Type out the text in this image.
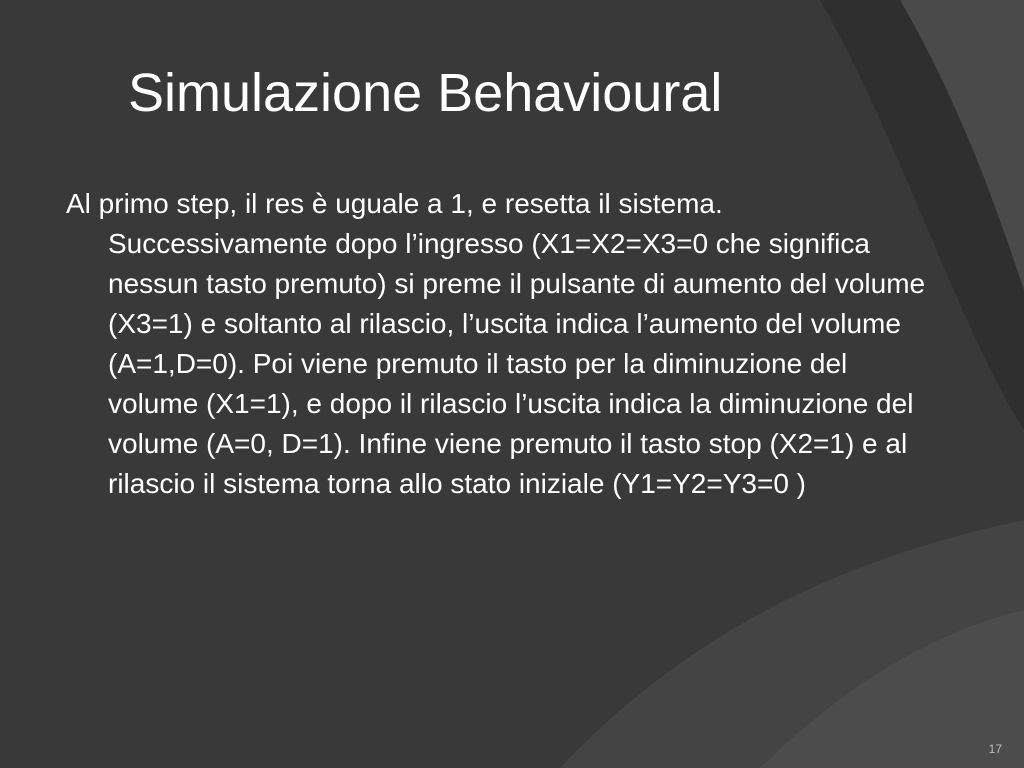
Simulazione Behavioural

Al primo step, il res è uguale a 1, e resetta il sistema. Successivamente dopo l’ingresso (X1=X2=X3=0 che significa nessun tasto premuto) si preme il pulsante di aumento del volume (X3=1) e soltanto al rilascio, l’uscita indica l’aumento del volume (A=1,D=0). Poi viene premuto il tasto per la diminuzione del volume (X1=1), e dopo il rilascio l’uscita indica la diminuzione del volume (A=0, D=1). Infine viene premuto il tasto stop (X2=1) e al rilascio il sistema torna allo stato iniziale (Y1=Y2=Y3=0 )

17
